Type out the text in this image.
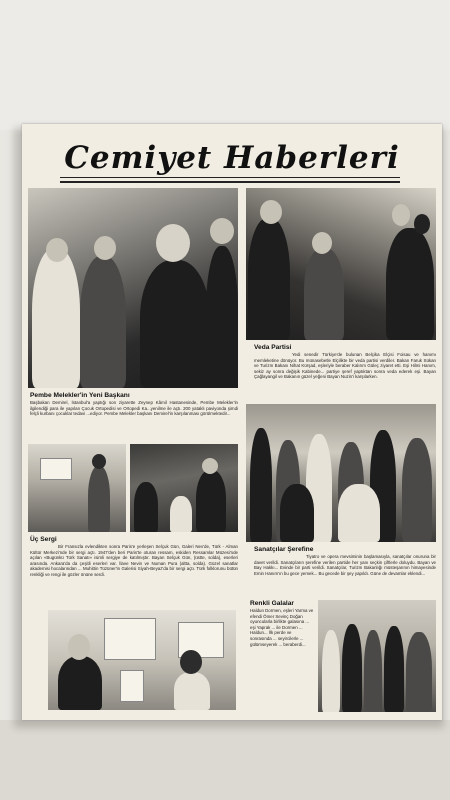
Cemiyet Haberleri
Veda Partisi
Yedi senedir Türkiye'de bulunan Belçika Elçisi Foisau ve hanımı memleketine dönüyor. Bu münasebetle Elçilikte bir veda partisi verdiler. Bakan Faruk Sükan ve Turizm Bakanı Nihat Kürşad, eşleriyle beraber Kalırım Güleç ziyaret etti. Eşi Hilmi Hanım, sekiz ay sonra değişik Kabinede... partiye şeref yaptıktan sonra veda ederek eşi. Bayan Çağlayangil ve Bakanın güzel yeğeni Bayan Nuzin'i karşılarken.
Pembe Melekler'in Yeni Başkanı
Başbakan Demirel, İstanbul'a yaptığı son ziyarette Zeynep Kâmil Hastanesinde, Pembe Melekler'in ilgilendiği para ile yapılan Çocuk Ortopedisi ve Ortopedi Ka...yenilme ile açtı. 200 yataklı paviyonda şimdi felçli kurbanı çocuklar tedavi ...ediyor. Pembe Melekler başkanı Demirel'in karşılanması görülmektedir...
Üç Sergi
Bir Fransızla evlendikten sonra Paris'e yerleşen Selçuk Gün, Galeri Nev'de, Türk - Alman Kültür Merkezi'nde bir sergi açtı. 1947'den beri Paris'te oturan ressam, eskiden Ressamlar Müzesi'nde açılan «Bugünkü Türk Sanatı» isimli sergiye de katılmıştır. Bayan Selçuk Gün, (üstte, solda), eserleri arasında. Ankara'da da çeşitli eserleri var. İlave Nevin ve Numan Pura (altta, solda). Güzel sanatlar akademisi hocalarından ... Muhittin Tüzüner'in Galerisi Siyah-Beyaz'da bir sergi açtı. Türk folklorunu bütün renkliği ve rengi ile gözler önüne serdi.
Sanatçılar Şerefine
Tiyatro ve opera mevsiminin başlamasıyla, sanatçılar onuruna bir davet verildi. Sanatçıların şerefine verilen partide her yanı seçkin çiftlerle doluydu. Bayan ve Bay Hakkı... Evinde bir parti verildi. Sanatçılar, Turizm Bakanlığı müsteşarının himayesinde Emin Hanım'ın bu gece yemek... Bu gecede bir şey yapıldı. Güne de devamlar eklendi...
Renkli Galalar
Haldun Dormen, eşleri Yarma ve efendi Ömer Sevinç Doğan oyuncularla birlikte galasına ... eşi Yaprak ... ile Dormen ... Haldun... İlk perde ve sonrasında ... seyircilerle ... gülümseyerek ... beraberdi...
